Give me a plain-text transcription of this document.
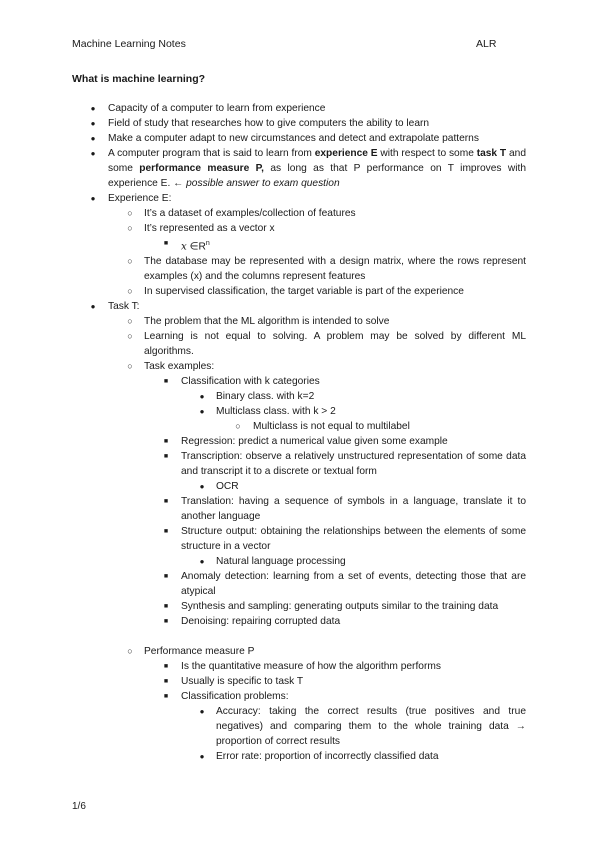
Machine Learning Notes	ALR
What is machine learning?
●	Capacity of a computer to learn from experience
●	Field of study that researches how to give computers the ability to learn
●	Make a computer adapt to new circumstances and detect and extrapolate patterns
●	A computer program that is said to learn from experience E with respect to some task T and some performance measure P, as long as that P performance on T improves with experience E. ← possible answer to exam question
●	Experience E:
○	It’s a dataset of examples/collection of features
○	It’s represented as a vector x
■	x $\in R^n$
○	The database may be represented with a design matrix, where the rows represent examples (x) and the columns represent features
○	In supervised classification, the target variable is part of the experience
●	Task T:
○	The problem that the ML algorithm is intended to solve
○	Learning is not equal to solving. A problem may be solved by different ML algorithms.
○	Task examples:
■	Classification with k categories
●	Binary class. with k=2
●	Multiclass class. with k > 2
○	Multiclass is not equal to multilabel
■	Regression: predict a numerical value given some example
■	Transcription: observe a relatively unstructured representation of some data and transcript it to a discrete or textual form
●	OCR
■	Translation: having a sequence of symbols in a language, translate it to another language
■	Structure output: obtaining the relationships between the elements of some structure in a vector
●	Natural language processing
■	Anomaly detection: learning from a set of events, detecting those that are atypical
■	Synthesis and sampling: generating outputs similar to the training data
■	Denoising: repairing corrupted data
○	Performance measure P
■	Is the quantitative measure of how the algorithm performs
■	Usually is specific to task T
■	Classification problems:
●	Accuracy: taking the correct results (true positives and true negatives) and comparing them to the whole training data → proportion of correct results
●	Error rate: proportion of incorrectly classified data
1/6
